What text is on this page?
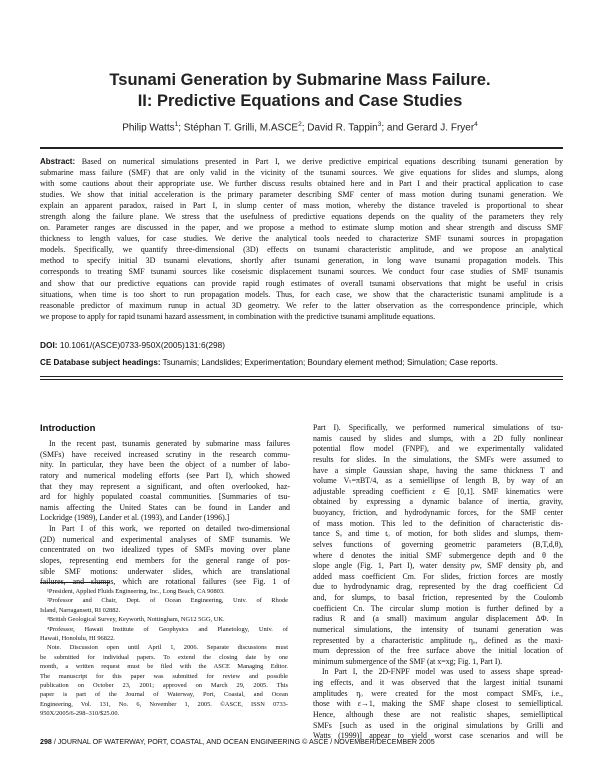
Tsunami Generation by Submarine Mass Failure.
II: Predictive Equations and Case Studies
Philip Watts$^1$; Stéphan T. Grilli, M.ASCE$^2$; David R. Tappin$^3$; and Gerard J. Fryer$^4$
Abstract: Based on numerical simulations presented in Part I, we derive predictive empirical equations describing tsunami generation by
submarine mass failure (SMF) that are only valid in the vicinity of the tsunami sources. We give equations for slides and slumps, along
with some cautions about their appropriate use. We further discuss results obtained here and in Part I and their practical application to case
studies. We show that initial acceleration is the primary parameter describing SMF center of mass motion during tsunami generation. We
explain an apparent paradox, raised in Part I, in slump center of mass motion, whereby the distance traveled is proportional to shear
strength along the failure plane. We stress that the usefulness of predictive equations depends on the quality of the parameters they rely
on. Parameter ranges are discussed in the paper, and we propose a method to estimate slump motion and shear strength and discuss SMF
thickness to length values, for case studies. We derive the analytical tools needed to characterize SMF tsunami sources in propagation
models. Specifically, we quantify three-dimensional (3D) effects on tsunami characteristic amplitude, and we propose an analytical
method to specify initial 3D tsunami elevations, shortly after tsunami generation, in long wave tsunami propagation models. This
corresponds to treating SMF tsunami sources like coseismic displacement tsunami sources. We conduct four case studies of SMF tsunamis
and show that our predictive equations can provide rapid rough estimates of overall tsunami observations that might be useful in crisis
situations, when time is too short to run propagation models. Thus, for each case, we show that the characteristic tsunami amplitude is a
reasonable predictor of maximum runup in actual 3D geometry. We refer to the latter observation as the correspondence principle, which
we propose to apply for rapid tsunami hazard assessment, in combination with the predictive tsunami amplitude equations.
DOI: 10.1061/(ASCE)0733-950X(2005)131:6(298)
CE Database subject headings: Tsunamis; Landslides; Experimentation; Boundary element method; Simulation; Case reports.
Introduction
In the recent past, tsunamis generated by submarine mass failures
(SMFs) have received increased scrutiny in the research commu-
nity. In particular, they have been the object of a number of labo-
ratory and numerical modeling efforts (see Part I), which showed
that they may represent a significant, and often overlooked, haz-
ard for highly populated coastal communities. [Summaries of tsu-
namis affecting the United States can be found in Lander and
Lockridge (1989), Lander et al. (1993), and Lander (1996).]
In Part I of this work, we reported on detailed two-dimensional
(2D) numerical and experimental analyses of SMF tsunamis. We
concentrated on two idealized types of SMFs moving over plane
slopes, representing end members for the general range of pos-
sible SMF motions: underwater slides, which are translational
failures, and slumps, which are rotational failures (see Fig. 1 of
¹President, Applied Fluids Engineering, Inc., Long Beach, CA 90803.
²Professor and Chair, Dept. of Ocean Engineering, Univ. of Rhode
Island, Narragansett, RI 02882.
³British Geological Survey, Keyworth, Nottingham, NG12 5GG, UK.
⁴Professor, Hawaii Institute of Geophysics and Planetology, Univ. of
Hawaii, Honolulu, HI 96822.
Note. Discussion open until April 1, 2006. Separate discussions must
be submitted for individual papers. To extend the closing date by one
month, a written request must be filed with the ASCE Managing Editor.
The manuscript for this paper was submitted for review and possible
publication on October 23, 2001; approved on March 29, 2005. This
paper is part of the Journal of Waterway, Port, Coastal, and Ocean
Engineering, Vol. 131, No. 6, November 1, 2005. ©ASCE, ISSN 0733-
950X/2005/6-298–310/$25.00.
Part I). Specifically, we performed numerical simulations of tsu-
namis caused by slides and slumps, with a 2D fully nonlinear
potential flow model (FNPF), and we experimentally validated
results for slides. In the simulations, the SMFs were assumed to
have a simple Gaussian shape, having the same thickness T and
volume Vₜ=πBT/4, as a semiellipse of length B, by way of an
adjustable spreading coefficient ε ∈ [0,1]. SMF kinematics were
obtained by expressing a dynamic balance of inertia, gravity,
buoyancy, friction, and hydrodynamic forces, for the SMF center
of mass motion. This led to the definition of characteristic dis-
tance Sₒ and time tₒ of motion, for both slides and slumps, them-
selves functions of governing geometric parameters (B,T,d,θ),
where d denotes the initial SMF submergence depth and θ the
slope angle (Fig. 1, Part I), water density ρw, SMF density ρb, and
added mass coefficient Cm. For slides, friction forces are mostly
due to hydrodynamic drag, represented by the drag coefficient Cd
and, for slumps, to basal friction, represented by the Coulomb
coefficient Cn. The circular slump motion is further defined by a
radius R and (a small) maximum angular displacement ΔΦ. In
numerical simulations, the intensity of tsunami generation was
represented by a characteristic amplitude ηₒ, defined as the maxi-
mum depression of the free surface above the initial location of
minimum submergence of the SMF (at x=xg; Fig. 1, Part I).
In Part I, the 2D-FNPF model was used to assess shape spread-
ing effects, and it was observed that the largest initial tsunami
amplitudes ηₒ were created for the most compact SMFs, i.e.,
those with ε→1, making the SMF shape closest to semielliptical.
Hence, although these are not realistic shapes, semielliptical
SMFs [such as used in the original simulations by Grilli and
Watts (1999)] appear to yield worst case scenarios and will be
298 / JOURNAL OF WATERWAY, PORT, COASTAL, AND OCEAN ENGINEERING © ASCE / NOVEMBER/DECEMBER 2005
